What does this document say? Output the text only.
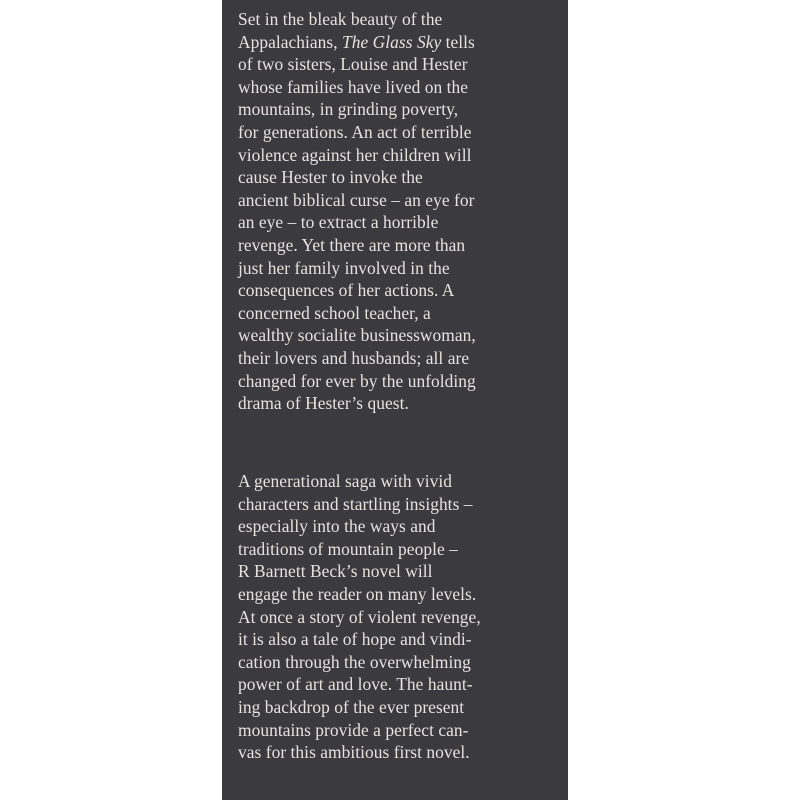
Set in the bleak beauty of the
Appalachians, The Glass Sky tells
of two sisters, Louise and Hester
whose families have lived on the
mountains, in grinding poverty,
for generations. An act of terrible
violence against her children will
cause Hester to invoke the
ancient biblical curse – an eye for
an eye – to extract a horrible
revenge. Yet there are more than
just her family involved in the
consequences of her actions. A
concerned school teacher, a
wealthy socialite businesswoman,
their lovers and husbands; all are
changed for ever by the unfolding
drama of Hester’s quest.
A generational saga with vivid
characters and startling insights –
especially into the ways and
traditions of mountain people –
R Barnett Beck’s novel will
engage the reader on many levels.
At once a story of violent revenge,
it is also a tale of hope and vindi-
cation through the overwhelming
power of art and love. The haunt-
ing backdrop of the ever present
mountains provide a perfect can-
vas for this ambitious first novel.
